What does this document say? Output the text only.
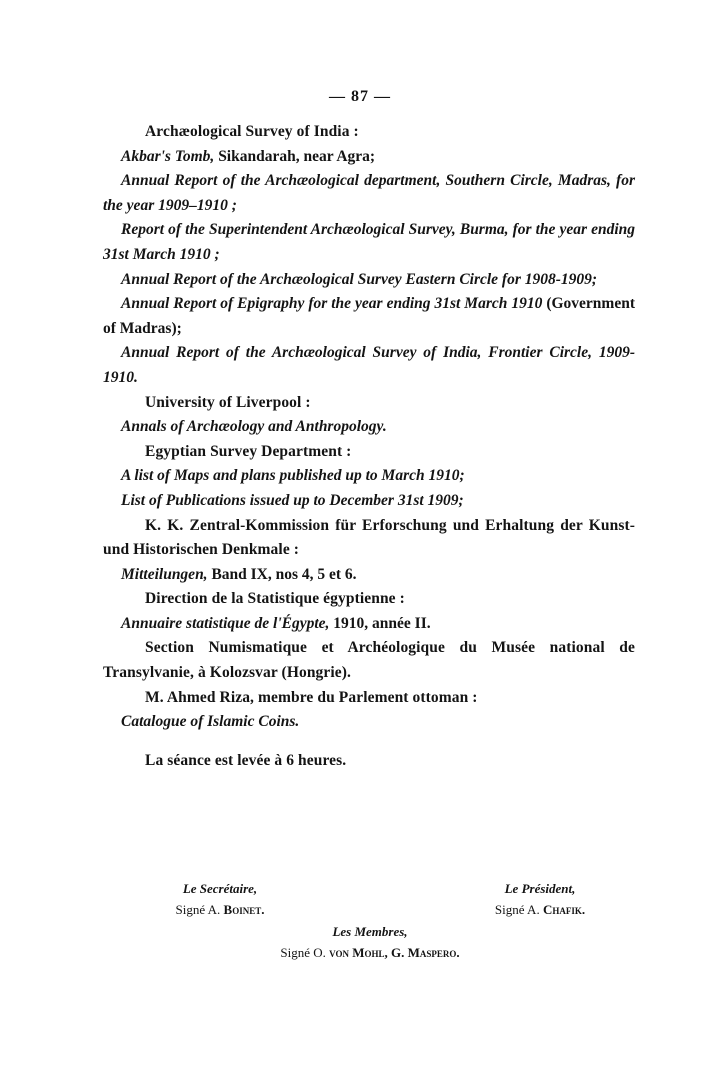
— 87 —

Archæological Survey of India :

Akbar's Tomb, Sikandarah, near Agra;

Annual Report of the Archæological department, Southern Circle, Madras, for the year 1909–1910 ;

Report of the Superintendent Archæological Survey, Burma, for the year ending 31st March 1910 ;

Annual Report of the Archæological Survey Eastern Circle for 1908-1909;

Annual Report of Epigraphy for the year ending 31st March 1910 (Government of Madras);

Annual Report of the Archæological Survey of India, Frontier Circle, 1909-1910.

University of Liverpool :

Annals of Archæology and Anthropology.

Egyptian Survey Department :

A list of Maps and plans published up to March 1910;

List of Publications issued up to December 31st 1909;

K. K. Zentral-Kommission für Erforschung und Erhaltung der Kunst- und Historischen Denkmale :

Mitteilungen, Band IX, nos 4, 5 et 6.

Direction de la Statistique égyptienne :

Annuaire statistique de l'Égypte, 1910, année II.

Section Numismatique et Archéologique du Musée national de Transylvanie, à Kolozsvar (Hongrie).

M. Ahmed Riza, membre du Parlement ottoman :

Catalogue of Islamic Coins.

La séance est levée à 6 heures.

Le Secrétaire,
Signé A. Boinet.
Le Président,
Signé A. Chafik.
Les Membres,
Signé O. von Mohl, G. Maspero.
